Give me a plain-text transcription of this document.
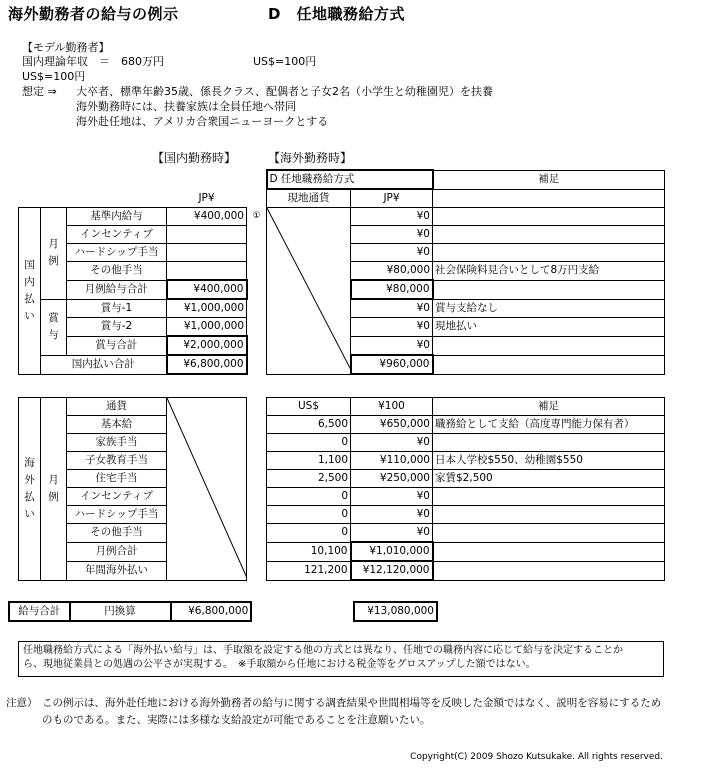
海外勤務者の給与の例示	D　任地職務給方式
【モデル勤務者】
国内理論年収　＝　680万円	US$=100円
US$=100円
想定 ⇒ 大卒者、標準年齢35歳、係長クラス、配偶者と子女2名（小学生と幼稚園児）を扶養
海外勤務時には、扶養家族は全員任地へ帯同
海外赴任地は、アメリカ合衆国ニューヨークとする
【国内勤務時】	【海外勤務時】
					D 任地職務給方式		補足
			JP¥		現地通貨	JP¥	
国
内
払
い	月
例	基準内給与	¥400,000	①		¥0	
		インセンティブ				¥0	
		ハードシップ手当				¥0	
		その他手当				¥80,000	社会保険料見合いとして8万円支給
		月例給与合計	¥400,000			¥80,000	
	賞
与	賞与-1	¥1,000,000			¥0	賞与支給なし
		賞与-2	¥1,000,000			¥0	現地払い
		賞与合計	¥2,000,000			¥0	
	国内払い合計		¥6,800,000			¥960,000	
海
外
払
い	月
例	通貨			US$	¥100	補足
		基本給			6,500	¥650,000	職務給として支給（高度専門能力保有者）
		家族手当			0	¥0	
		子女教育手当			1,100	¥110,000	日本人学校$550、幼稚園$550
		住宅手当			2,500	¥250,000	家賃$2,500
		インセンティブ			0	¥0	
		ハードシップ手当			0	¥0	
		その他手当			0	¥0	
		月例合計			10,100	¥1,010,000	
		年間海外払い			121,200	¥12,120,000	
給与合計	円換算	¥6,800,000		¥13,080,000
任地職務給方式による「海外払い給与」は、手取額を設定する他の方式とは異なり、任地での職務内容に応じて給与を決定することか
ら、現地従業員との処遇の公平さが実現する。　※手取額から任地における税金等をグロスアップした額ではない。
注意） この例示は、海外赴任地における海外勤務者の給与に関する調査結果や世間相場等を反映した金額ではなく、説明を容易にするため
のものである。また、実際には多様な支給設定が可能であることを注意願いたい。
Copyright(C) 2009 Shozo Kutsukake. All rights reserved.
